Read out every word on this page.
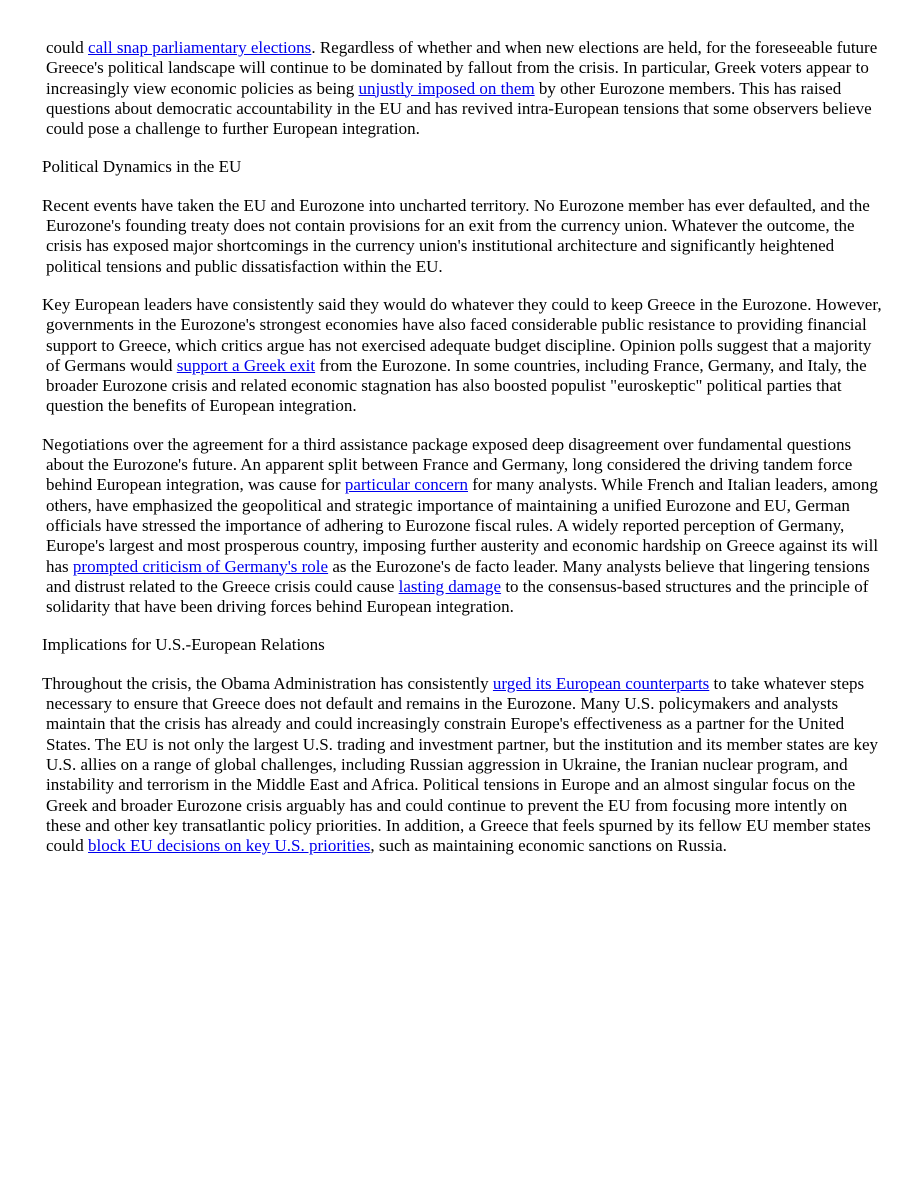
could call snap parliamentary elections. Regardless of whether and when new elections are held, for the foreseeable future Greece's political landscape will continue to be dominated by fallout from the crisis. In particular, Greek voters appear to increasingly view economic policies as being unjustly imposed on them by other Eurozone members. This has raised questions about democratic accountability in the EU and has revived intra-European tensions that some observers believe could pose a challenge to further European integration.

Political Dynamics in the EU

Recent events have taken the EU and Eurozone into uncharted territory. No Eurozone member has ever defaulted, and the Eurozone's founding treaty does not contain provisions for an exit from the currency union. Whatever the outcome, the crisis has exposed major shortcomings in the currency union's institutional architecture and significantly heightened political tensions and public dissatisfaction within the EU.

Key European leaders have consistently said they would do whatever they could to keep Greece in the Eurozone. However, governments in the Eurozone's strongest economies have also faced considerable public resistance to providing financial support to Greece, which critics argue has not exercised adequate budget discipline. Opinion polls suggest that a majority of Germans would support a Greek exit from the Eurozone. In some countries, including France, Germany, and Italy, the broader Eurozone crisis and related economic stagnation has also boosted populist "euroskeptic" political parties that question the benefits of European integration.

Negotiations over the agreement for a third assistance package exposed deep disagreement over fundamental questions about the Eurozone's future. An apparent split between France and Germany, long considered the driving tandem force behind European integration, was cause for particular concern for many analysts. While French and Italian leaders, among others, have emphasized the geopolitical and strategic importance of maintaining a unified Eurozone and EU, German officials have stressed the importance of adhering to Eurozone fiscal rules. A widely reported perception of Germany, Europe's largest and most prosperous country, imposing further austerity and economic hardship on Greece against its will has prompted criticism of Germany's role as the Eurozone's de facto leader. Many analysts believe that lingering tensions and distrust related to the Greece crisis could cause lasting damage to the consensus-based structures and the principle of solidarity that have been driving forces behind European integration.

Implications for U.S.-European Relations

Throughout the crisis, the Obama Administration has consistently urged its European counterparts to take whatever steps necessary to ensure that Greece does not default and remains in the Eurozone. Many U.S. policymakers and analysts maintain that the crisis has already and could increasingly constrain Europe's effectiveness as a partner for the United States. The EU is not only the largest U.S. trading and investment partner, but the institution and its member states are key U.S. allies on a range of global challenges, including Russian aggression in Ukraine, the Iranian nuclear program, and instability and terrorism in the Middle East and Africa. Political tensions in Europe and an almost singular focus on the Greek and broader Eurozone crisis arguably has and could continue to prevent the EU from focusing more intently on these and other key transatlantic policy priorities. In addition, a Greece that feels spurned by its fellow EU member states could block EU decisions on key U.S. priorities, such as maintaining economic sanctions on Russia.
